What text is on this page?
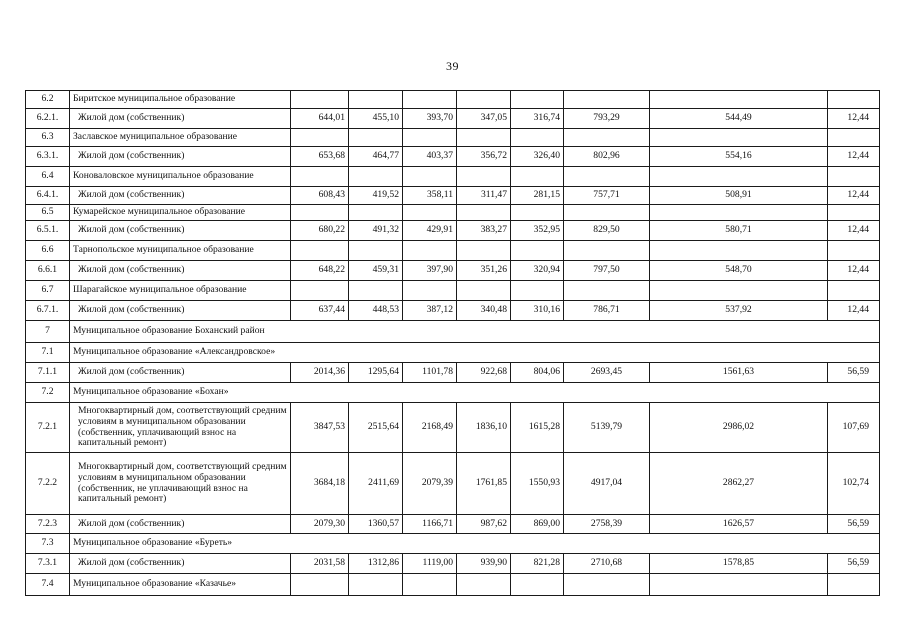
39
6.2	Биритское муниципальное образование								
6.2.1.	Жилой дом (собственник)	644,01	455,10	393,70	347,05	316,74	793,29	544,49	12,44
6.3	Заславское муниципальное образование								
6.3.1.	Жилой дом (собственник)	653,68	464,77	403,37	356,72	326,40	802,96	554,16	12,44
6.4	Коноваловское муниципальное образование								
6.4.1.	Жилой дом (собственник)	608,43	419,52	358,11	311,47	281,15	757,71	508,91	12,44
6.5	Кумарейское муниципальное образование								
6.5.1.	Жилой дом (собственник)	680,22	491,32	429,91	383,27	352,95	829,50	580,71	12,44
6.6	Тарнопольское муниципальное образование								
6.6.1	Жилой дом (собственник)	648,22	459,31	397,90	351,26	320,94	797,50	548,70	12,44
6.7	Шарагайское муниципальное образование								
6.7.1.	Жилой дом (собственник)	637,44	448,53	387,12	340,48	310,16	786,71	537,92	12,44
7	Муниципальное образование Боханский район								
7.1	Муниципальное образование «Александровское»								
7.1.1	Жилой дом (собственник)	2014,36	1295,64	1101,78	922,68	804,06	2693,45	1561,63	56,59
7.2	Муниципальное образование «Бохан»								
7.2.1	Многоквартирный дом, соответствующий средним условиям в муниципальном образовании (собственник, уплачивающий взнос на капитальный ремонт)	3847,53	2515,64	2168,49	1836,10	1615,28	5139,79	2986,02	107,69
7.2.2	Многоквартирный дом, соответствующий средним условиям в муниципальном образовании (собственник, не уплачивающий взнос на капитальный ремонт)	3684,18	2411,69	2079,39	1761,85	1550,93	4917,04	2862,27	102,74
7.2.3	Жилой дом (собственник)	2079,30	1360,57	1166,71	987,62	869,00	2758,39	1626,57	56,59
7.3	Муниципальное образование «Буреть»								
7.3.1	Жилой дом (собственник)	2031,58	1312,86	1119,00	939,90	821,28	2710,68	1578,85	56,59
7.4	Муниципальное образование «Казачье»								
